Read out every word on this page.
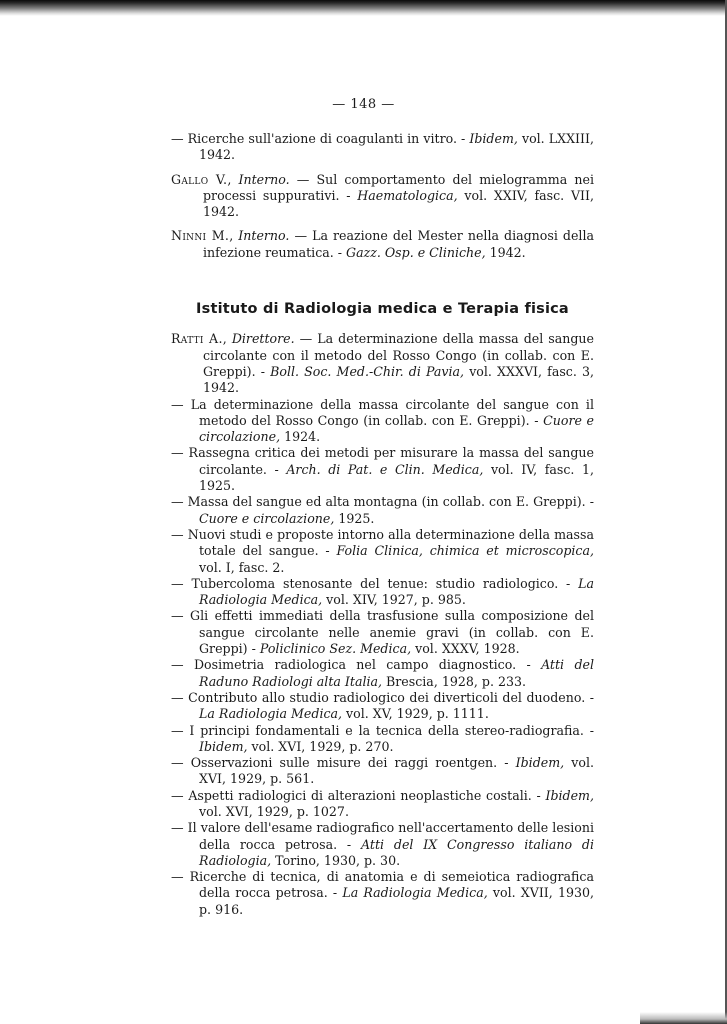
— 148 —
— Ricerche sull'azione di coagulanti in vitro. - Ibidem, vol. LXXIII, 1942.
Gallo V., Interno. — Sul comportamento del mielogramma nei processi suppurativi. - Haematologica, vol. XXIV, fasc. VII, 1942.
Ninni M., Interno. — La reazione del Mester nella diagnosi della infezione reumatica. - Gazz. Osp. e Cliniche, 1942.
Istituto di Radiologia medica e Terapia fisica
Ratti A., Direttore. — La determinazione della massa del sangue circolante con il metodo del Rosso Congo (in collab. con E. Greppi). - Boll. Soc. Med.-Chir. di Pavia, vol. XXXVI, fasc. 3, 1942.
— La determinazione della massa circolante del sangue con il metodo del Rosso Congo (in collab. con E. Greppi). - Cuore e circolazione, 1924.
— Rassegna critica dei metodi per misurare la massa del sangue circolante. - Arch. di Pat. e Clin. Medica, vol. IV, fasc. 1, 1925.
— Massa del sangue ed alta montagna (in collab. con E. Greppi). - Cuore e circolazione, 1925.
— Nuovi studi e proposte intorno alla determinazione della massa totale del sangue. - Folia Clinica, chimica et microscopica, vol. I, fasc. 2.
— Tubercoloma stenosante del tenue: studio radiologico. - La Radiologia Medica, vol. XIV, 1927, p. 985.
— Gli effetti immediati della trasfusione sulla composizione del sangue circolante nelle anemie gravi (in collab. con E. Greppi) - Policlinico Sez. Medica, vol. XXXV, 1928.
— Dosimetria radiologica nel campo diagnostico. - Atti del Raduno Radiologi alta Italia, Brescia, 1928, p. 233.
— Contributo allo studio radiologico dei diverticoli del duodeno. - La Radiologia Medica, vol. XV, 1929, p. 1111.
— I principi fondamentali e la tecnica della stereo-radiografia. - Ibidem, vol. XVI, 1929, p. 270.
— Osservazioni sulle misure dei raggi roentgen. - Ibidem, vol. XVI, 1929, p. 561.
— Aspetti radiologici di alterazioni neoplastiche costali. - Ibidem, vol. XVI, 1929, p. 1027.
— Il valore dell'esame radiografico nell'accertamento delle lesioni della rocca petrosa. - Atti del IX Congresso italiano di Radiologia, Torino, 1930, p. 30.
— Ricerche di tecnica, di anatomia e di semeiotica radiografica della rocca petrosa. - La Radiologia Medica, vol. XVII, 1930, p. 916.
